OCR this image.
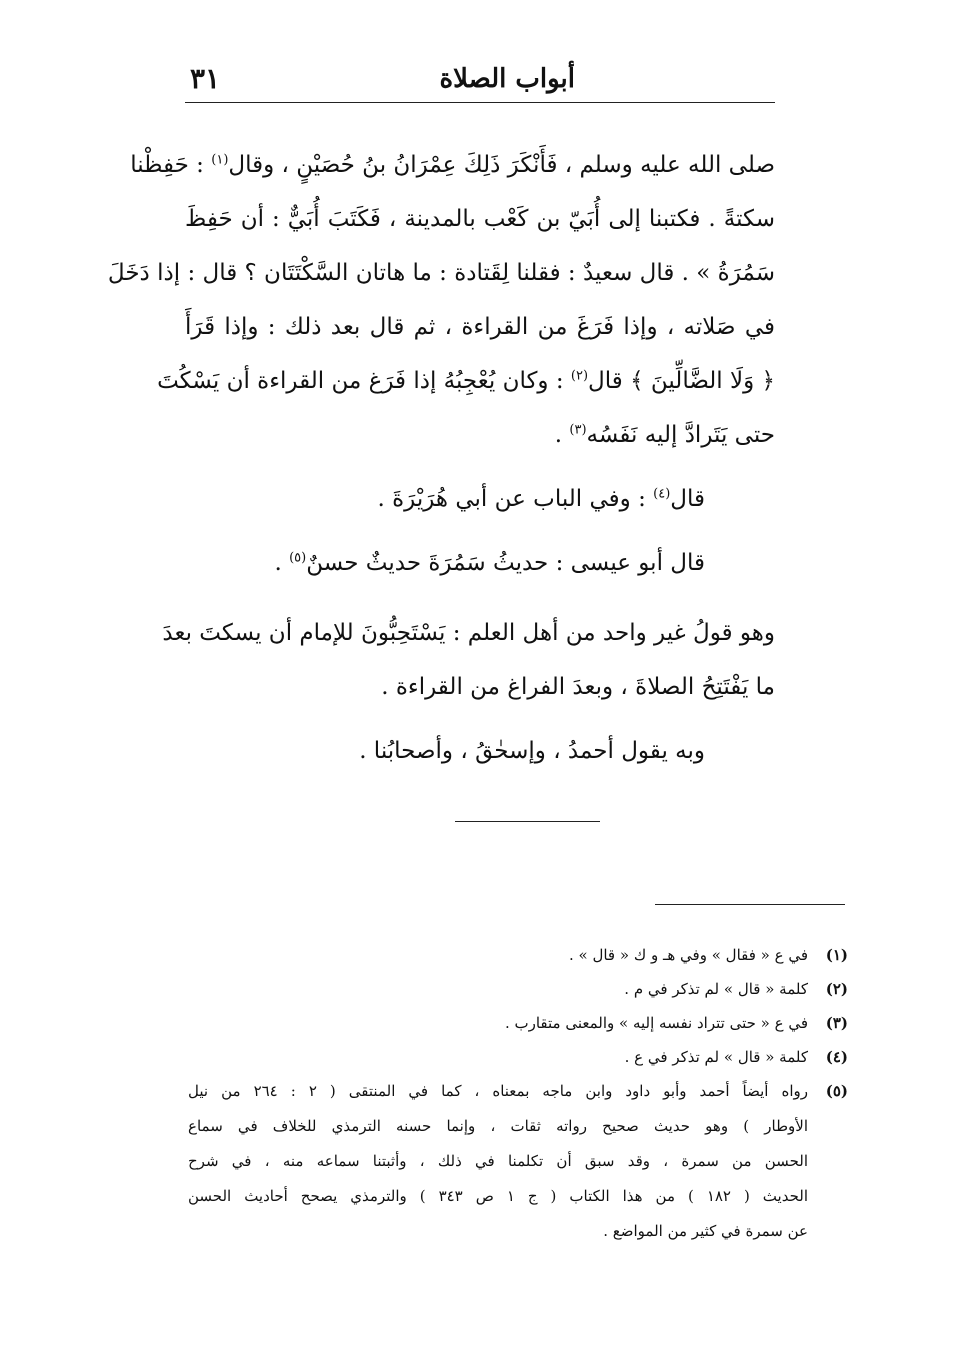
أبواب الصلاة
٣١
صلى الله عليه وسلم ، فَأَنْكَرَ ذَلِكَ عِمْرَانُ بنُ حُصَيْنٍ ، وقال$^{(١)}$ : حَفِظْنا
سكتةً . فكتبنا إلى أُبَيّ بن كَعْب بالمدينة ، فَكَتَبَ أُبَيٌّ : أن حَفِظَ
سَمُرَةُ » . قال سعيدٌ : فقلنا لِقَتادة : ما هاتان السَّكْتَتَان ؟ قال : إذا دَخَلَ
في صَلاته ، وإذا فَرَغَ من القراءة ، ثم قال بعد ذلك : وإذا قَرَأَ
﴿ وَلَا الضَّالِّينَ ﴾ قال$^{(٢)}$ : وكان يُعْجِبُهُ إذا فَرَغ من القراءة أن يَسْكُتَ
حتى يَتَرادَّ إليه نَفَسُه$^{(٣)}$ .
قال$^{(٤)}$ : وفي الباب عن أبي هُرَيْرَةَ .
قال أبو عيسى : حديثُ سَمُرَةَ حديثٌ حسنٌ$^{(٥)}$ .
وهو قولُ غير واحد من أهل العلم : يَسْتَحِبُّونَ للإمام أن يسكتَ بعدَ
ما يَفْتَتِحُ الصلاةَ ، وبعدَ الفراغ من القراءة .
وبه يقول أحمدُ ، وإسحٰقُ ، وأصحابُنا .
(١)
في ع « فقال » وفي هـ و ك « قال » .
(٢)
كلمة « قال » لم تذكر في م .
(٣)
في ع « حتى تتراد نفسه إليه » والمعنى متقارب .
(٤)
كلمة « قال » لم تذكر في ع .
(٥)
رواه أيضاً أحمد وأبو داود وابن ماجه بمعناه ، كما في المنتقى ( ٢ : ٢٦٤ من نيل
الأوطار ) وهو حديث صحيح رواته ثقات ، وإنما حسنه الترمذي للخلاف في سماع
الحسن من سمرة ، وقد سبق أن تكلمنا في ذلك ، وأثبتنا سماعه منه ، في شرح
الحديث ( ١٨٢ ) من هذا الكتاب ( ج ١ ص ٣٤٣ ) والترمذي يصحح أحاديث الحسن
عن سمرة في كثير من المواضع .
